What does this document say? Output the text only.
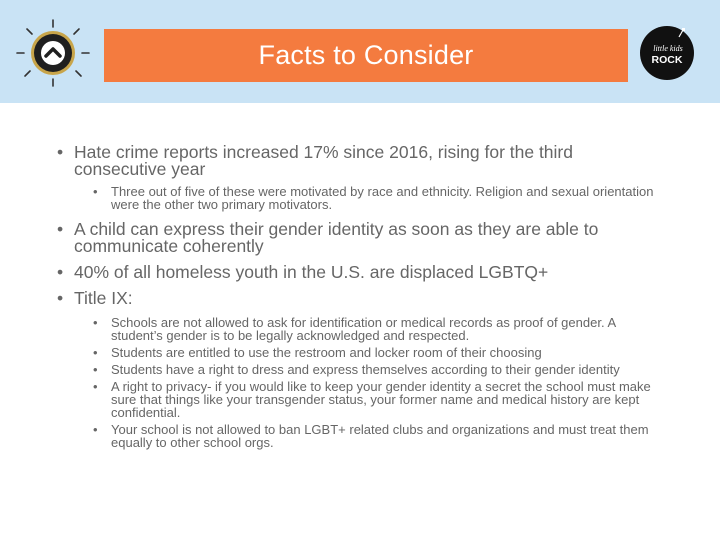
Facts to Consider	little kids
ROCK
• Hate crime reports increased 17% since 2016, rising for the third consecutive year
• Three out of five of these were motivated by race and ethnicity. Religion and sexual orientation were the other two primary motivators.
• A child can express their gender identity as soon as they are able to communicate coherently
• 40% of all homeless youth in the U.S. are displaced LGBTQ+
• Title IX:
• Schools are not allowed to ask for identification or medical records as proof of gender. A student’s gender is to be legally acknowledged and respected.
• Students are entitled to use the restroom and locker room of their choosing
• Students have a right to dress and express themselves according to their gender identity
• A right to privacy- if you would like to keep your gender identity a secret the school must make sure that things like your transgender status, your former name and medical history are kept confidential.
• Your school is not allowed to ban LGBT+ related clubs and organizations and must treat them equally to other school orgs.
